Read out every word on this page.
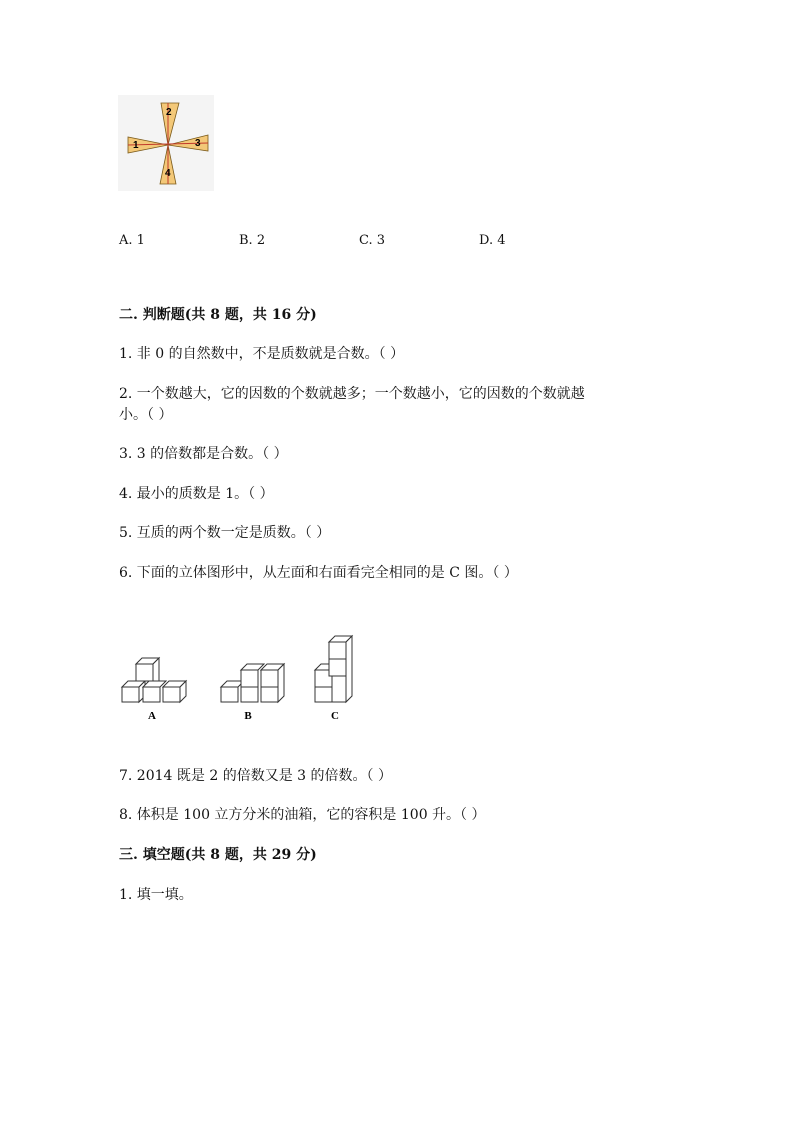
1
2
3
4
A. 1	B. 2	C. 3	D. 4
二. 判断题(共 8 题，共 16 分)
1. 非 0 的自然数中，不是质数就是合数。（ ）
2. 一个数越大，它的因数的个数就越多；一个数越小，它的因数的个数就越
小。（ ）
3. 3 的倍数都是合数。（ ）
4. 最小的质数是 1。（ ）
5. 互质的两个数一定是质数。（ ）
6. 下面的立体图形中，从左面和右面看完全相同的是 C 图。（ ）
A	B	C
7. 2014 既是 2 的倍数又是 3 的倍数。（ ）
8. 体积是 100 立方分米的油箱，它的容积是 100 升。（ ）
三. 填空题(共 8 题，共 29 分)
1. 填一填。
